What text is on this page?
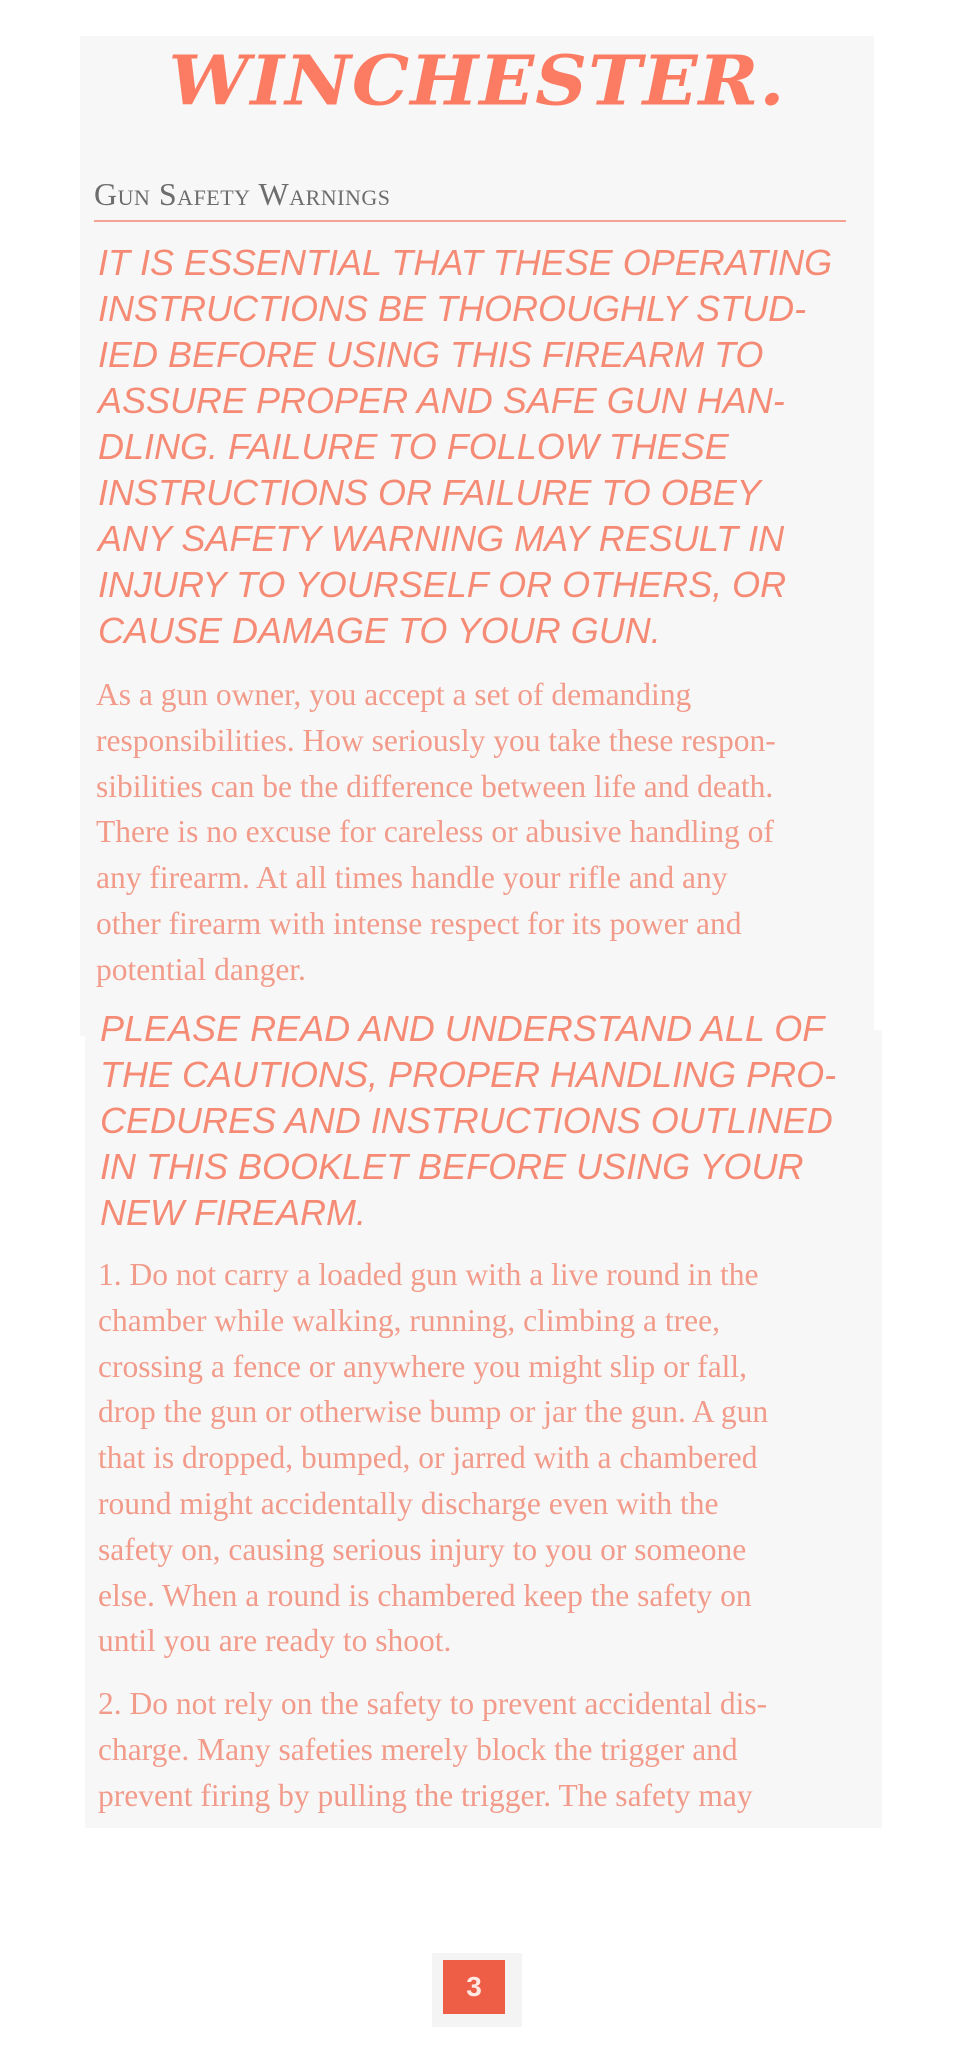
WINCHESTER.
Gun Safety Warnings

IT IS ESSENTIAL THAT THESE OPERATING
INSTRUCTIONS BE THOROUGHLY STUD-
IED BEFORE USING THIS FIREARM TO
ASSURE PROPER AND SAFE GUN HAN-
DLING. FAILURE TO FOLLOW THESE
INSTRUCTIONS OR FAILURE TO OBEY
ANY SAFETY WARNING MAY RESULT IN
INJURY TO YOURSELF OR OTHERS, OR
CAUSE DAMAGE TO YOUR GUN.

As a gun owner, you accept a set of demanding
responsibilities. How seriously you take these respon-
sibilities can be the difference between life and death.
There is no excuse for careless or abusive handling of
any firearm. At all times handle your rifle and any
other firearm with intense respect for its power and
potential danger.

PLEASE READ AND UNDERSTAND ALL OF
THE CAUTIONS, PROPER HANDLING PRO-
CEDURES AND INSTRUCTIONS OUTLINED
IN THIS BOOKLET BEFORE USING YOUR
NEW FIREARM.

1. Do not carry a loaded gun with a live round in the
chamber while walking, running, climbing a tree,
crossing a fence or anywhere you might slip or fall,
drop the gun or otherwise bump or jar the gun. A gun
that is dropped, bumped, or jarred with a chambered
round might accidentally discharge even with the
safety on, causing serious injury to you or someone
else. When a round is chambered keep the safety on
until you are ready to shoot.

2. Do not rely on the safety to prevent accidental dis-
charge. Many safeties merely block the trigger and
prevent firing by pulling the trigger. The safety may

3
